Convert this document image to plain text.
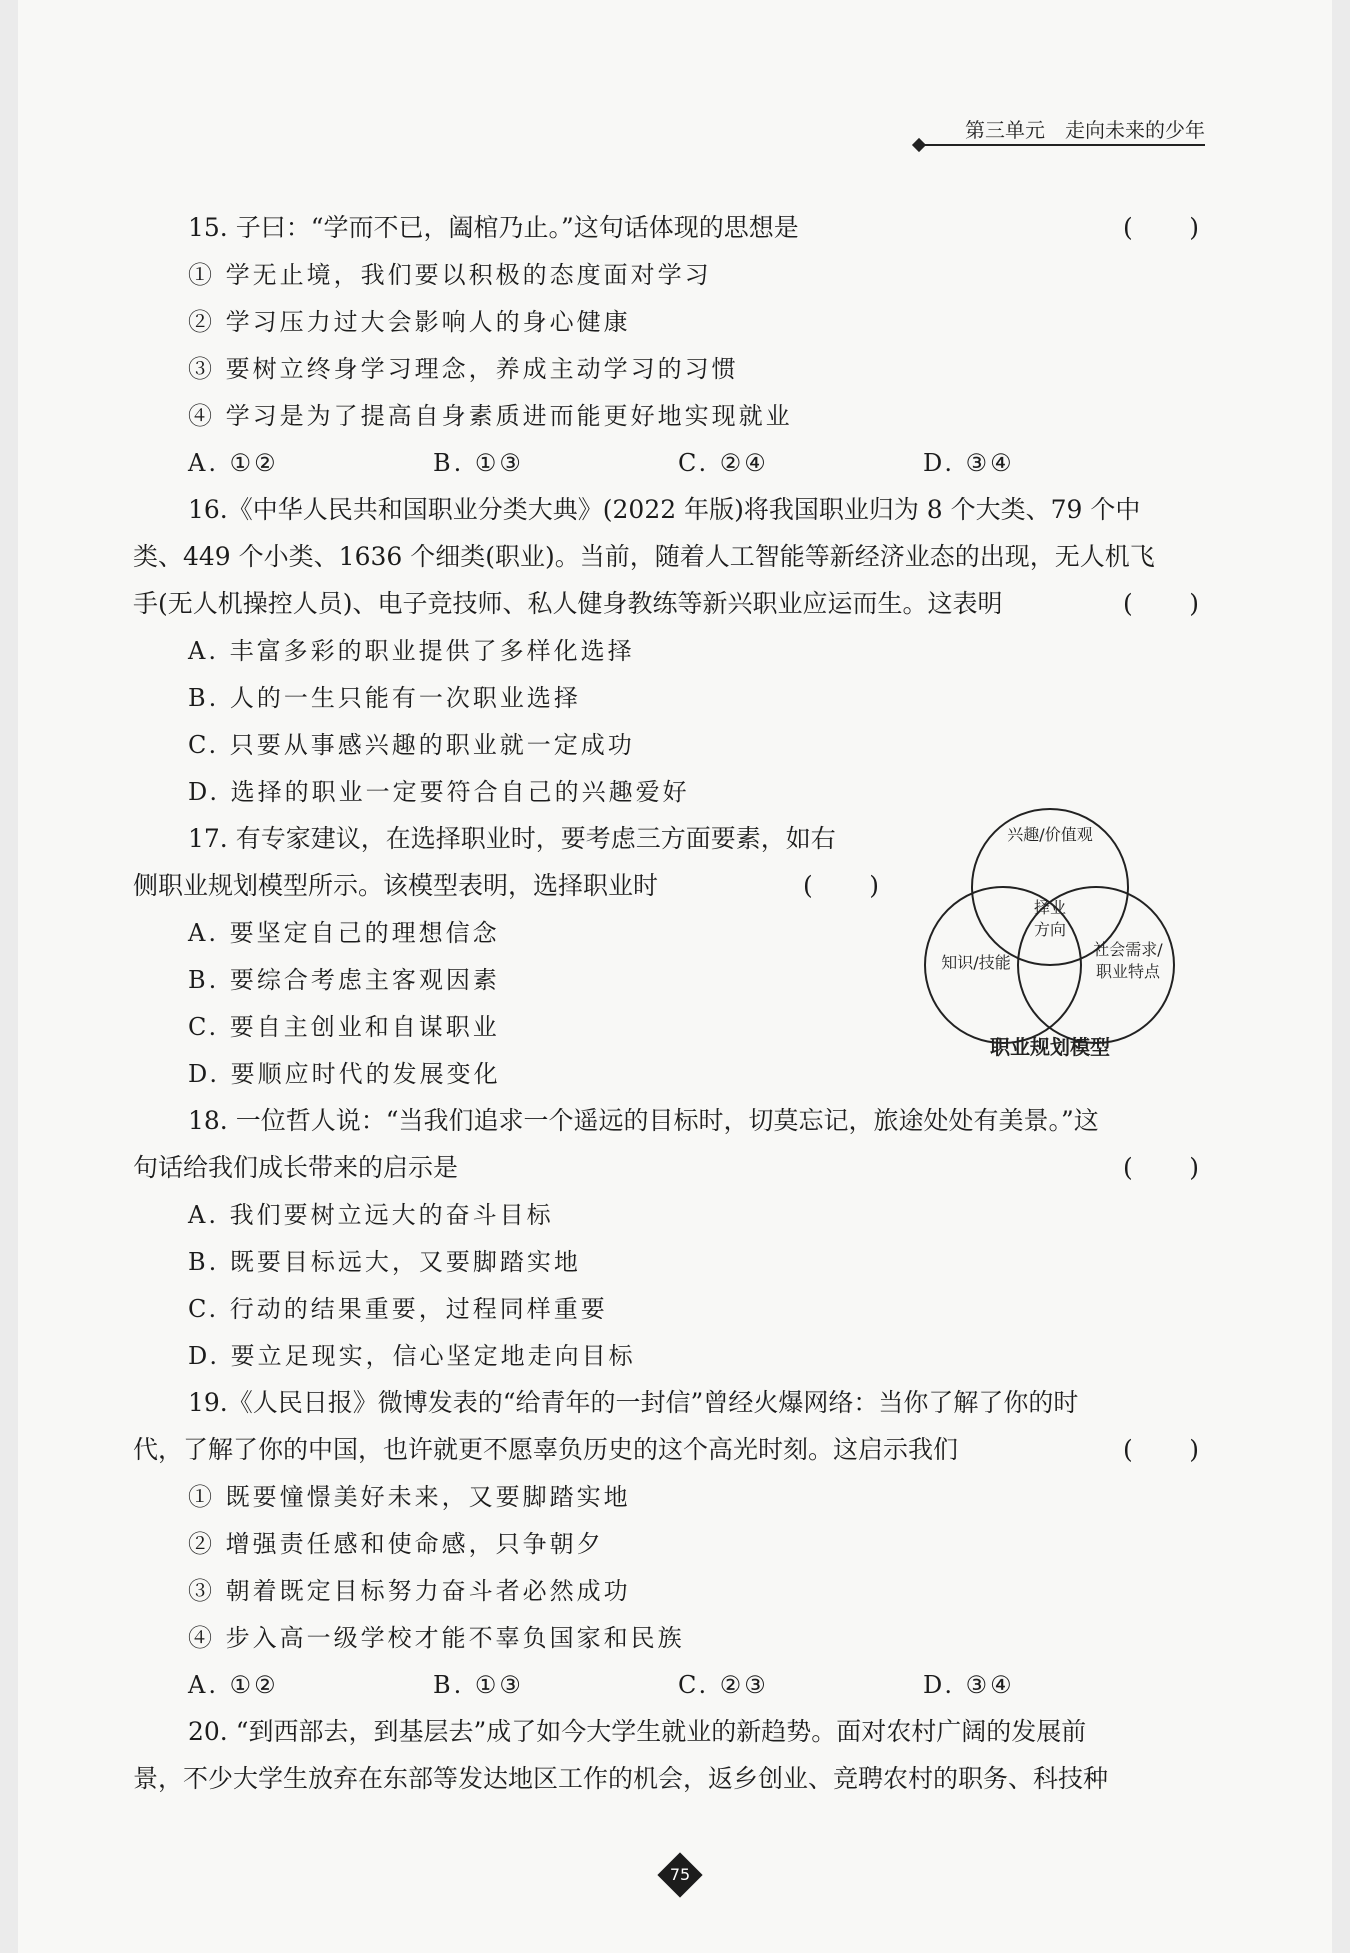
第三单元　走向未来的少年
15. 子曰：“学而不已，阖棺乃止。”这句话体现的思想是	( )
① 学无止境，我们要以积极的态度面对学习
② 学习压力过大会影响人的身心健康
③ 要树立终身学习理念，养成主动学习的习惯
④ 学习是为了提高自身素质进而能更好地实现就业
A. ①②	B. ①③	C. ②④	D. ③④
16.《中华人民共和国职业分类大典》(2022 年版)将我国职业归为 8 个大类、79 个中
类、449 个小类、1636 个细类(职业)。当前，随着人工智能等新经济业态的出现，无人机飞
手(无人机操控人员)、电子竞技师、私人健身教练等新兴职业应运而生。这表明	( )
A. 丰富多彩的职业提供了多样化选择
B. 人的一生只能有一次职业选择
C. 只要从事感兴趣的职业就一定成功
D. 选择的职业一定要符合自己的兴趣爱好
17. 有专家建议，在选择职业时，要考虑三方面要素，如右
侧职业规划模型所示。该模型表明，选择职业时	( )
A. 要坚定自己的理想信念
B. 要综合考虑主客观因素
C. 要自主创业和自谋职业
D. 要顺应时代的发展变化
兴趣/价值观
知识/技能
社会需求/
职业特点
择业
方向
职业规划模型
18. 一位哲人说：“当我们追求一个遥远的目标时，切莫忘记，旅途处处有美景。”这
句话给我们成长带来的启示是	( )
A. 我们要树立远大的奋斗目标
B. 既要目标远大，又要脚踏实地
C. 行动的结果重要，过程同样重要
D. 要立足现实，信心坚定地走向目标
19.《人民日报》微博发表的“给青年的一封信”曾经火爆网络：当你了解了你的时
代，了解了你的中国，也许就更不愿辜负历史的这个高光时刻。这启示我们	( )
① 既要憧憬美好未来，又要脚踏实地
② 增强责任感和使命感，只争朝夕
③ 朝着既定目标努力奋斗者必然成功
④ 步入高一级学校才能不辜负国家和民族
A. ①②	B. ①③	C. ②③	D. ③④
20. “到西部去，到基层去”成了如今大学生就业的新趋势。面对农村广阔的发展前
景，不少大学生放弃在东部等发达地区工作的机会，返乡创业、竞聘农村的职务、科技种
75
